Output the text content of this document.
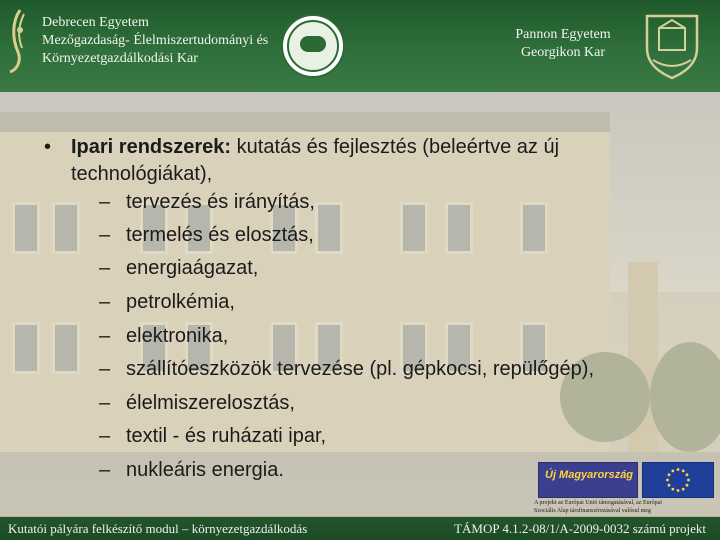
Debrecen Egyetem
Mezőgazdaság- Élelmiszertudományi és
Környezetgazdálkodási Kar
Pannon Egyetem
Georgikon Kar
• Ipari rendszerek: kutatás és fejlesztés (beleértve az új technológiákat),
– tervezés és irányítás,
– termelés és elosztás,
– energiaágazat,
– petrolkémia,
– elektronika,
– szállítóeszközök tervezése (pl. gépkocsi, repülőgép),
– élelmiszerelosztás,
– textil - és ruházati ipar,
– nukleáris energia.	Új Magyarország
A projekt az Európai Unió támogatásával, az Európai
Szociális Alap társfinanszírozásával valósul meg
Kutatói pályára felkészítő modul – környezetgazdálkodás	TÁMOP 4.1.2-08/1/A-2009-0032 számú projekt
